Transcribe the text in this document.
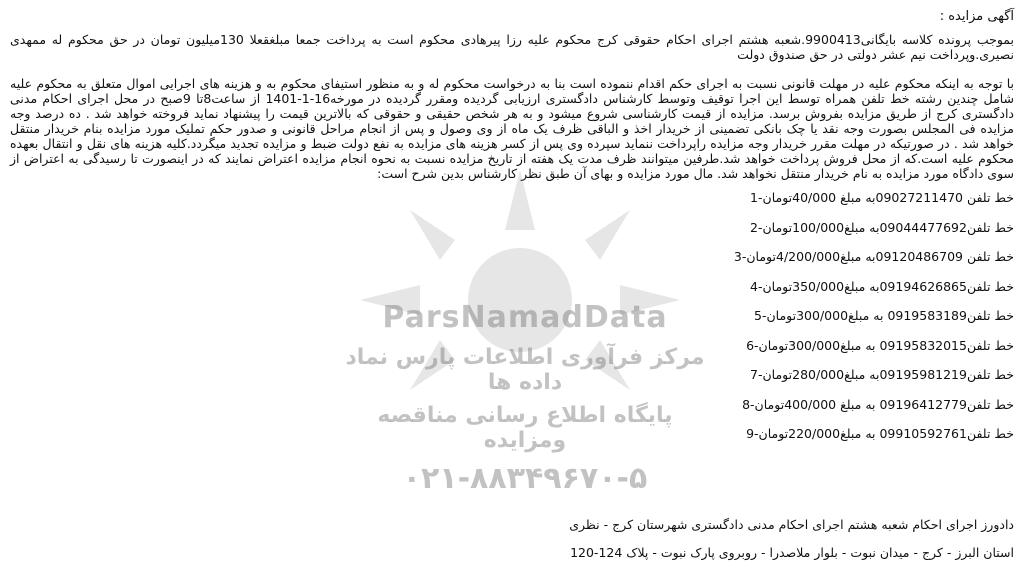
آگهی مزایده :

بموجب پرونده کلاسه بایگانی9900413.شعبه هشتم اجرای احکام حقوقی کرج محکوم علیه رزا پیرهادی محکوم است به پرداخت جمعا مبلغقعلا 130میلیون تومان در حق محکوم له ممهدی نصیری.وپرداخت نیم عشر دولتی در حق صندوق دولت

با توجه به اینکه محکوم علیه در مهلت قانونی نسبت به اجرای حکم اقدام ننموده است بنا به درخواست محکوم له و به منظور استیفای محکوم به و هزینه های اجرایی اموال متعلق به محکوم علیه شامل چندین رشته خط تلفن همراه توسط این اجرا توقیف وتوسط کارشناس دادگستری ارزیابی گردیده ومقرر گردیده در مورخه16-1-1401 از ساعت8تا 9صبح در محل اجرای احکام مدنی دادگستری کرج از طریق مزایده بفروش برسد. مزایده از قیمت کارشناسی شروع میشود و به هر شخص حقیقی و حقوقی که بالاترین قیمت را پیشنهاد نماید فروخته خواهد شد . ده درصد وجه مزایده فی المجلس بصورت وجه نقد یا چک بانکی تضمینی از خریدار اخذ و الباقی ظرف یک ماه از وی وصول و پس از انجام مراحل قانونی و صدور حکم تملیک مورد مزایده بنام خریدار منتقل خواهد شد . در صورتیکه در مهلت مقرر خریدار وجه مزایده راپرداخت ننماید سپرده وی پس از کسر هزینه های مزایده به نفع دولت ضبط و مزایده تجدید میگردد.کلیه هزینه های نقل و انتقال بعهده محکوم علیه است.که از محل فروش پرداخت خواهد شد.طرفین میتوانند ظرف مدت یک هفته از تاریخ مزایده نسبت به نحوه انجام مزایده اعتراض نمایند که در اینصورت تا رسیدگی به اعتراض از سوی دادگاه مورد مزایده به نام خریدار منتقل نخواهد شد. مال مورد مزایده و بهای آن طبق نظر کارشناس بدین شرح است:

خط تلفن 09027211470به مبلغ 40/000تومان-1
خط تلفن09044477692به مبلغ100/000تومان-2
خط تلفن 09120486709به مبلغ4/200/000تومان-3
خط تلفن09194626865به مبلغ350/000تومان-4
خط تلفن0919583189 به مبلغ300/000تومان-5
خط تلفن09195832015 به مبلغ300/000تومان-6
خط تلفن09195981219به مبلغ280/000تومان-7
خط تلفن09196412779 به مبلغ 400/000تومان-8
خط تلفن09910592761 به مبلغ220/000تومان-9
دادورز اجرای احکام شعبه هشتم اجرای احکام مدنی دادگستری شهرستان کرج - نظری
استان البرز - کرج - میدان نبوت - بلوار ملاصدرا - روبروی پارک نبوت - پلاک 124-120
ParsNamadData
مرکز فرآوری اطلاعات پارس نماد داده ها
پایگاه اطلاع رسانی مناقصه ومزایده
۰۲۱-۸۸۳۴۹۶۷۰-۵
